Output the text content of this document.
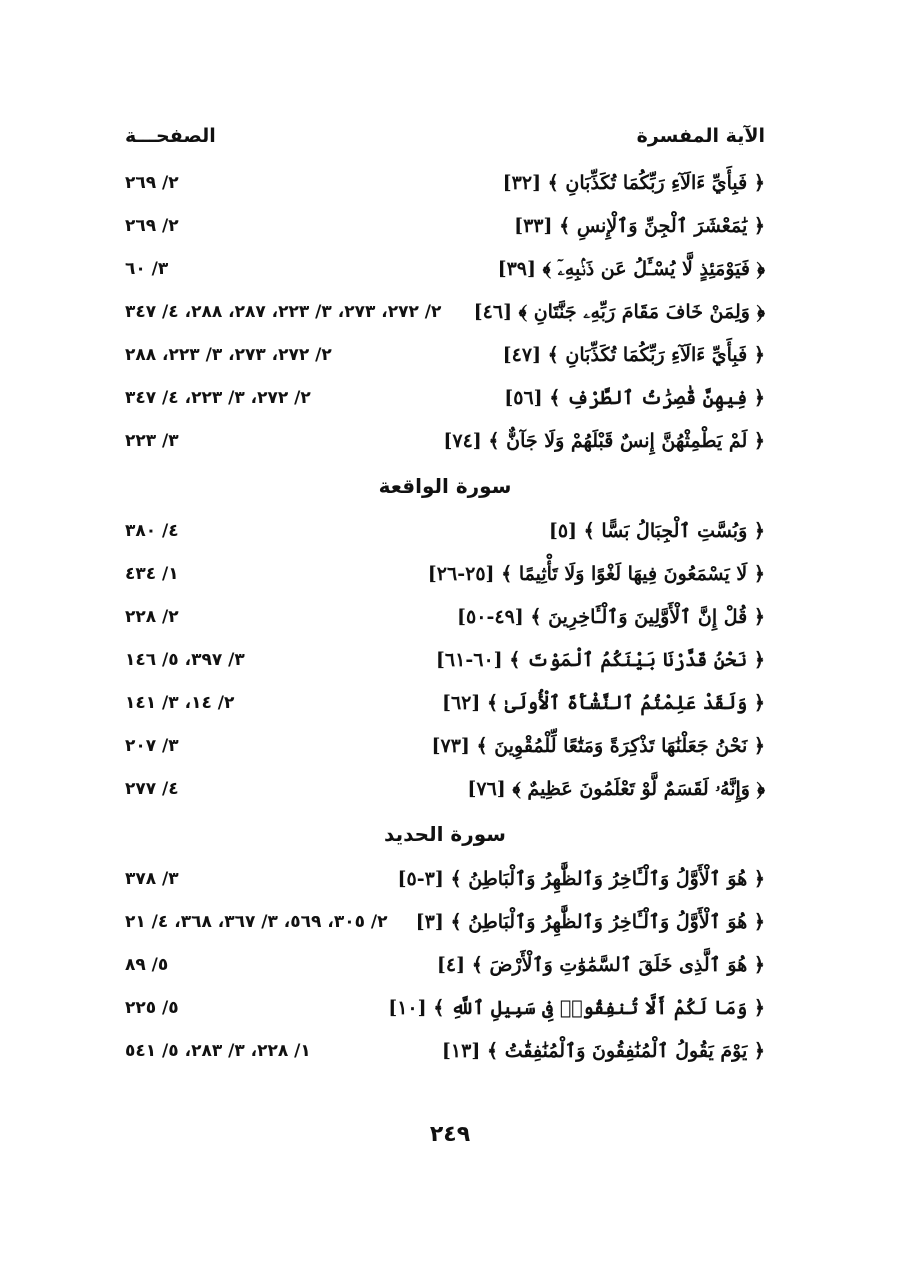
الصفحـــة	الآية المفسرة
٢/ ٢٦٩	﴿ فَبِأَيِّ ءَالَآءِ رَبِّكُمَا تُكَذِّبَانِ ﴾ [٣٢]
٢/ ٢٦٩	﴿ يَٰمَعْشَرَ ٱلْجِنِّ وَٱلْإِنسِ ﴾ [٣٣]
٣/ ٦٠	﴿ فَيَوْمَئِذٍ لَّا يُسْـَٔلُ عَن ذَنۢبِهِۦٓ ﴾ [٣٩]
٢/ ٢٧٢، ٢٧٣، ٣/ ٢٢٣، ٢٨٧، ٢٨٨، ٤/ ٣٤٧ ﴿ وَلِمَنْ خَافَ مَقَامَ رَبِّهِۦ جَنَّتَانِ ﴾ [٤٦]
٢/ ٢٧٢، ٢٧٣، ٣/ ٢٢٣، ٢٨٨	﴿ فَبِأَيِّ ءَالَآءِ رَبِّكُمَا تُكَذِّبَانِ ﴾ [٤٧]
٢/ ٢٧٢، ٣/ ٢٢٣، ٤/ ٣٤٧	﴿ فِيهِنَّ قَٰصِرَٰتُ ٱلطَّرْفِ ﴾ [٥٦]
٣/ ٢٢٣	﴿ لَمْ يَطْمِثْهُنَّ إِنسٌ قَبْلَهُمْ وَلَا جَآنٌّ ﴾ [٧٤]
سورة الواقعة
٤/ ٣٨٠	﴿ وَبُسَّتِ ٱلْجِبَالُ بَسًّا ﴾ [٥]
١/ ٤٣٤	﴿ لَا يَسْمَعُونَ فِيهَا لَغْوًا وَلَا تَأْثِيمًا ﴾ [٢٥-٢٦]
٢/ ٢٢٨	﴿ قُلْ إِنَّ ٱلْأَوَّلِينَ وَٱلْـَٔاخِرِينَ ﴾ [٤٩-٥٠]
٣/ ٣٩٧، ٥/ ١٤٦	﴿ نَحْنُ قَدَّرْنَا بَيْنَكُمُ ٱلْمَوْتَ ﴾ [٦٠-٦١]
٢/ ١٤، ٣/ ١٤١	﴿ وَلَقَدْ عَلِمْتُمُ ٱلنَّشْأَةَ ٱلْأُولَىٰ ﴾ [٦٢]
٣/ ٢٠٧	﴿ نَحْنُ جَعَلْنَٰهَا تَذْكِرَةً وَمَتَٰعًا لِّلْمُقْوِينَ ﴾ [٧٣]
٤/ ٢٧٧	﴿ وَإِنَّهُۥ لَقَسَمٌ لَّوْ تَعْلَمُونَ عَظِيمٌ ﴾ [٧٦]
سورة الحديد
٣/ ٣٧٨	﴿ هُوَ ٱلْأَوَّلُ وَٱلْـَٔاخِرُ وَٱلظَّٰهِرُ وَٱلْبَاطِنُ ﴾ [٣-٥]
٢/ ٣٠٥، ٥٦٩، ٣/ ٣٦٧، ٣٦٨، ٤/ ٢١ ﴿ هُوَ ٱلْأَوَّلُ وَٱلْـَٔاخِرُ وَٱلظَّٰهِرُ وَٱلْبَاطِنُ ﴾ [٣]
٥/ ٨٩	﴿ هُوَ ٱلَّذِى خَلَقَ ٱلسَّمَٰوَٰتِ وَٱلْأَرْضَ ﴾ [٤]
٥/ ٢٢٥	﴿ وَمَا لَكُمْ أَلَّا تُنفِقُوا۟ فِى سَبِيلِ ٱللَّهِ ﴾ [١٠]
١/ ٢٢٨، ٣/ ٢٨٣، ٥/ ٥٤١	﴿ يَوْمَ يَقُولُ ٱلْمُنَٰفِقُونَ وَٱلْمُنَٰفِقَٰتُ ﴾ [١٣]
٢٤٩
